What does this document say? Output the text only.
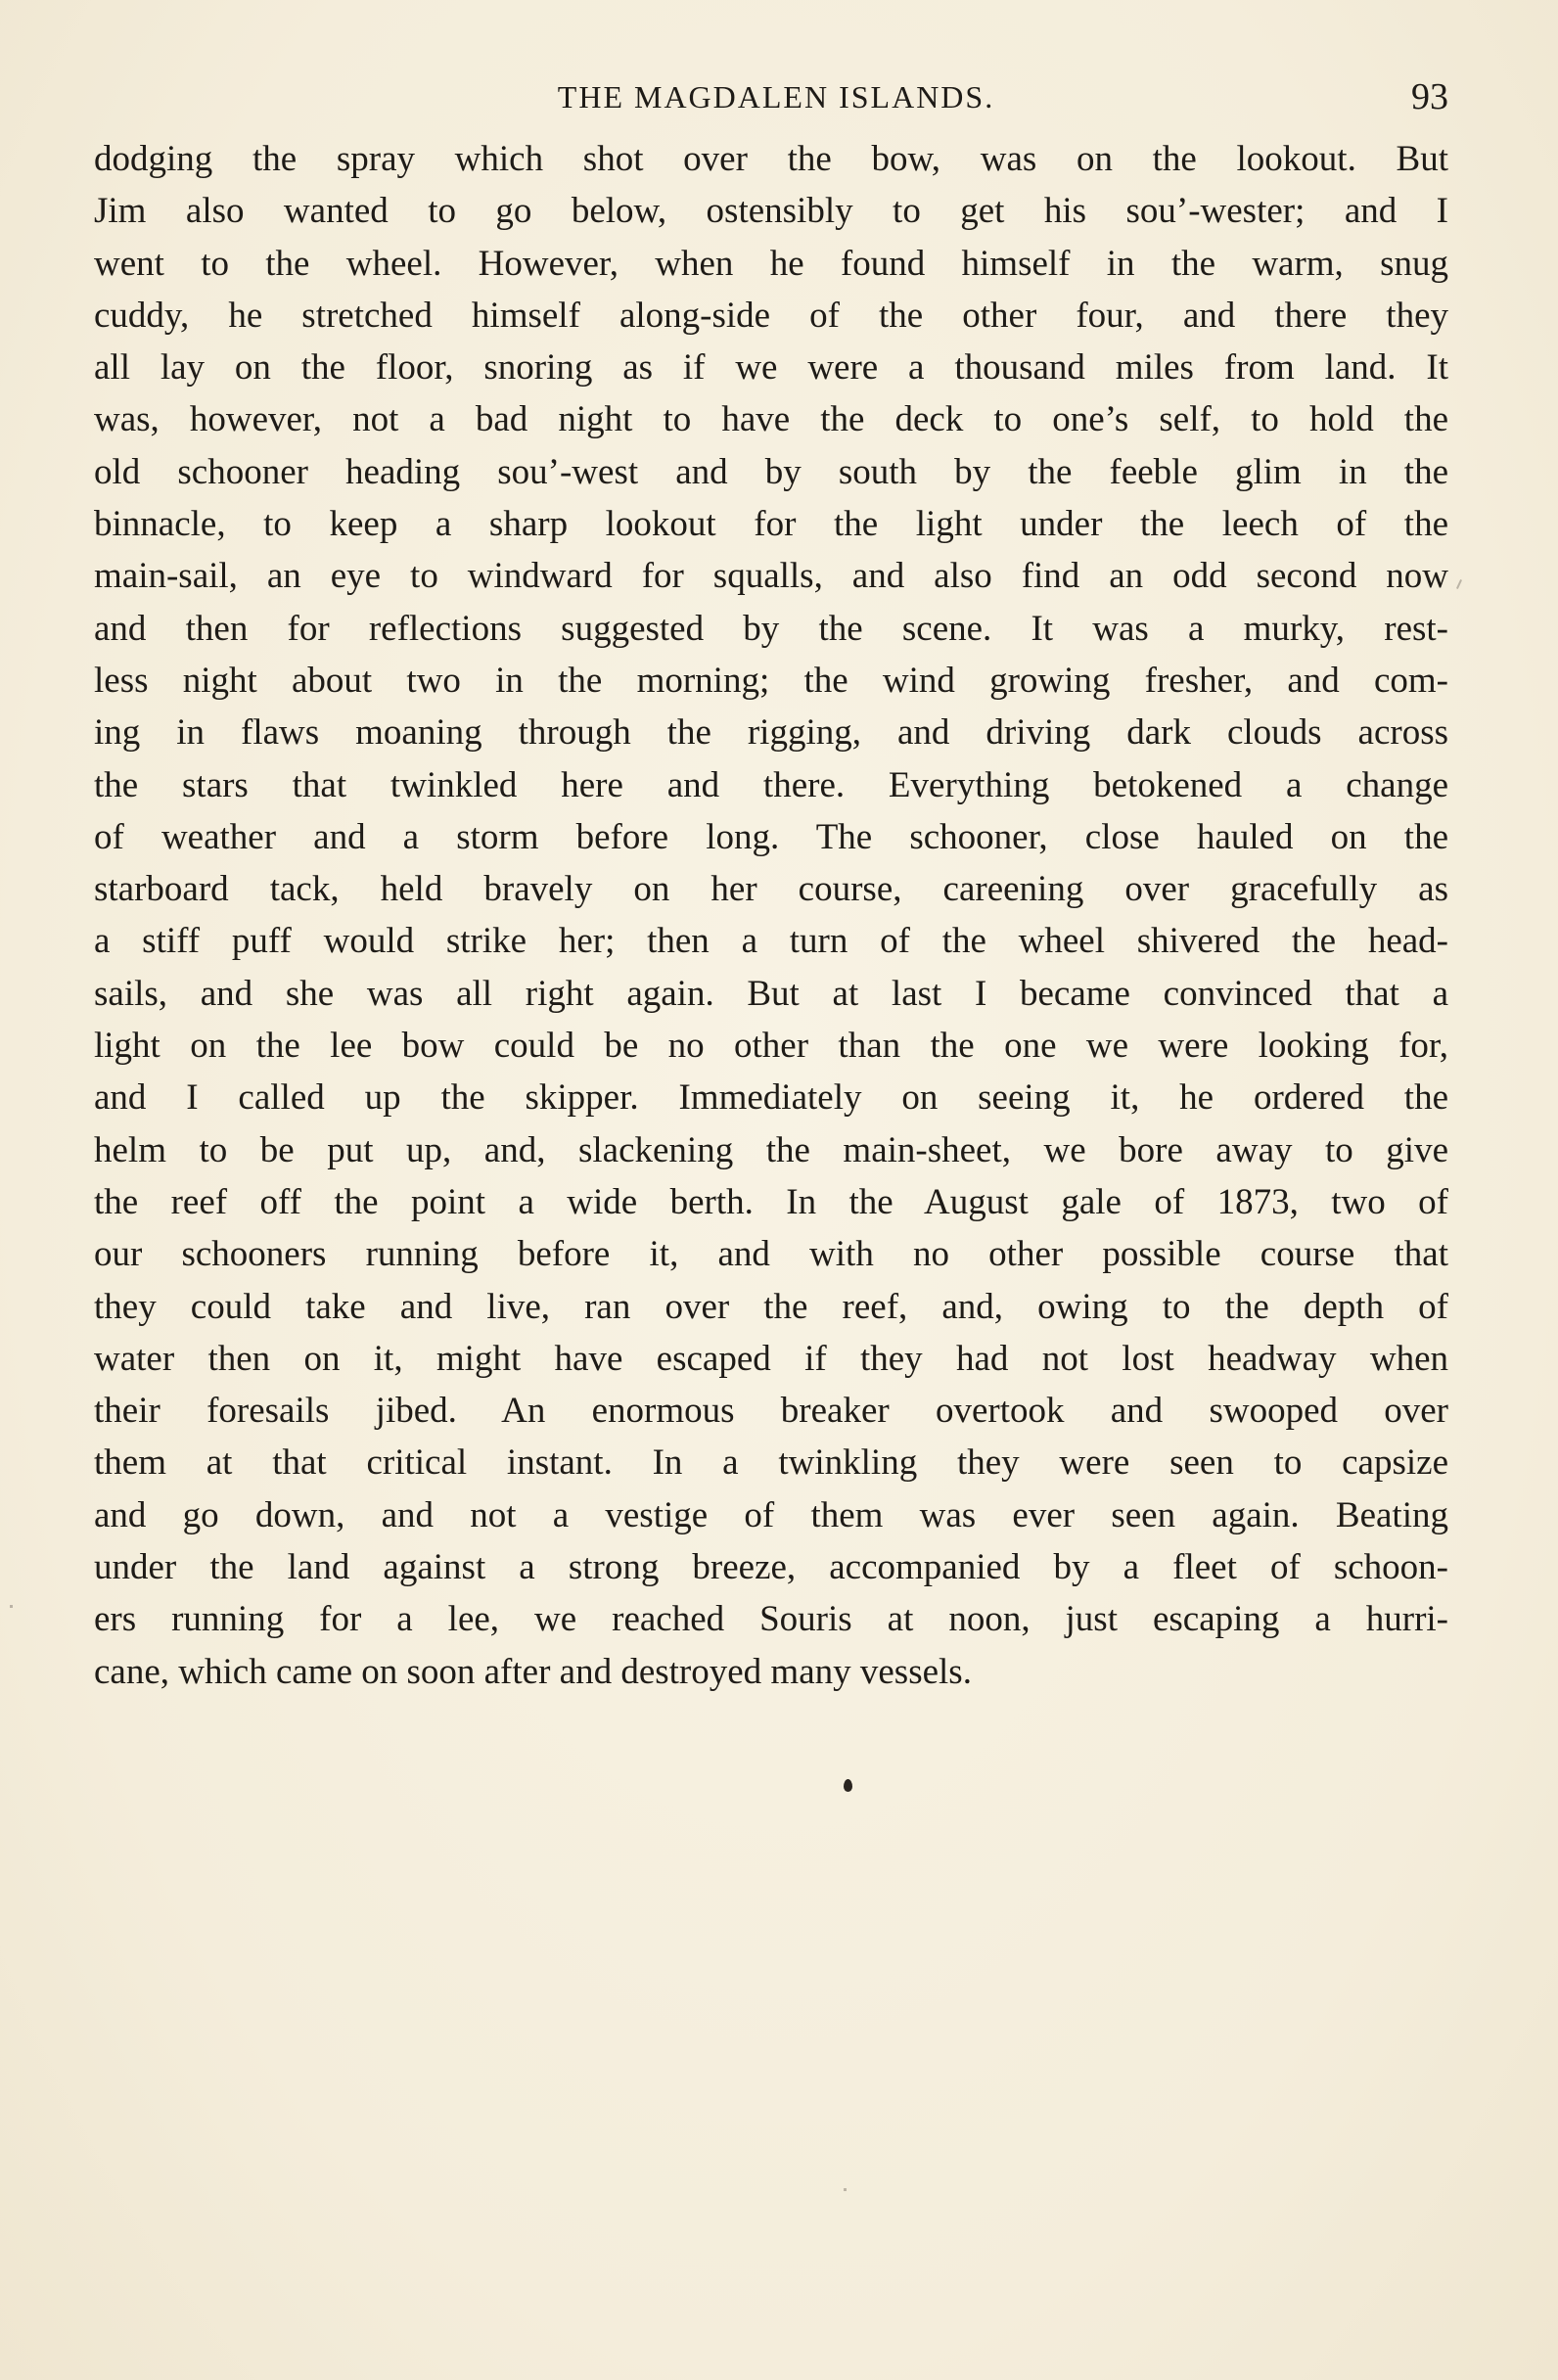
THE MAGDALEN ISLANDS.	93
dodging the spray which shot over the bow, was on the lookout. But
Jim also wanted to go below, ostensibly to get his sou’-wester; and I
went to the wheel. However, when he found himself in the warm, snug
cuddy, he stretched himself along-side of the other four, and there they
all lay on the floor, snoring as if we were a thousand miles from land. It
was, however, not a bad night to have the deck to one’s self, to hold the
old schooner heading sou’-west and by south by the feeble glim in the
binnacle, to keep a sharp lookout for the light under the leech of the
main-sail, an eye to windward for squalls, and also find an odd second now
and then for reflections suggested by the scene. It was a murky, rest-
less night about two in the morning; the wind growing fresher, and com-
ing in flaws moaning through the rigging, and driving dark clouds across
the stars that twinkled here and there. Everything betokened a change
of weather and a storm before long. The schooner, close hauled on the
starboard tack, held bravely on her course, careening over gracefully as
a stiff puff would strike her; then a turn of the wheel shivered the head-
sails, and she was all right again. But at last I became convinced that a
light on the lee bow could be no other than the one we were looking for,
and I called up the skipper. Immediately on seeing it, he ordered the
helm to be put up, and, slackening the main-sheet, we bore away to give
the reef off the point a wide berth. In the August gale of 1873, two of
our schooners running before it, and with no other possible course that
they could take and live, ran over the reef, and, owing to the depth of
water then on it, might have escaped if they had not lost headway when
their foresails jibed. An enormous breaker overtook and swooped over
them at that critical instant. In a twinkling they were seen to capsize
and go down, and not a vestige of them was ever seen again. Beating
under the land against a strong breeze, accompanied by a fleet of schoon-
ers running for a lee, we reached Souris at noon, just escaping a hurri-
cane, which came on soon after and destroyed many vessels.
